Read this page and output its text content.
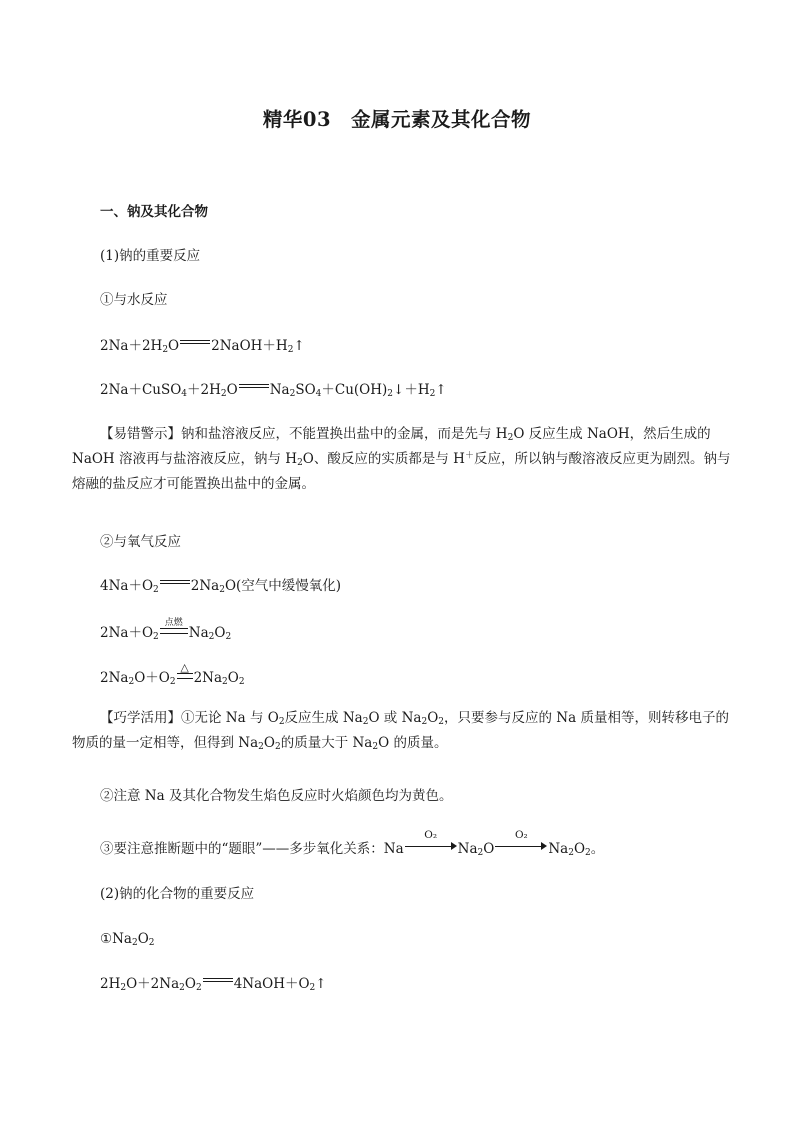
精华03　金属元素及其化合物
一、钠及其化合物
(1)钠的重要反应
①与水反应
$2Na+2H_2O$ $2NaOH+H_2↑$
$2Na+CuSO_4+2H_2O$ $Na_2SO_4+Cu(OH)_2↓+H_2↑$
【易错警示】钠和盐溶液反应，不能置换出盐中的金属，而是先与 $H_2O$ 反应生成 NaOH，然后生成的NaOH 溶液再与盐溶液反应，钠与 $H_2O$、酸反应的实质都是与 H＋反应，所以钠与酸溶液反应更为剧烈。钠与熔融的盐反应才可能置换出盐中的金属。
②与氧气反应
$4Na+O_2$ $2Na_2O$(空气中缓慢氧化)
$2Na+O_2$
点燃
$Na_2O_2$
$2Na_2O+O_2$
△
$2Na_2O_2$
【巧学活用】①无论 Na 与 $O_2$反应生成 $Na_2O$ 或 $Na_2O_2$，只要参与反应的 Na 质量相等，则转移电子的物质的量一定相等，但得到 $Na_2O_2$的质量大于 $Na_2O$ 的质量。
②注意 Na 及其化合物发生焰色反应时火焰颜色均为黄色。
③要注意推断题中的“题眼”——多步氧化关系：Na
O₂
$Na_2O$
O₂
$Na_2O_2$。
(2)钠的化合物的重要反应
$①Na_2O_2$
$2H_2O+2Na_2O_2$ $4NaOH+O_2↑$
